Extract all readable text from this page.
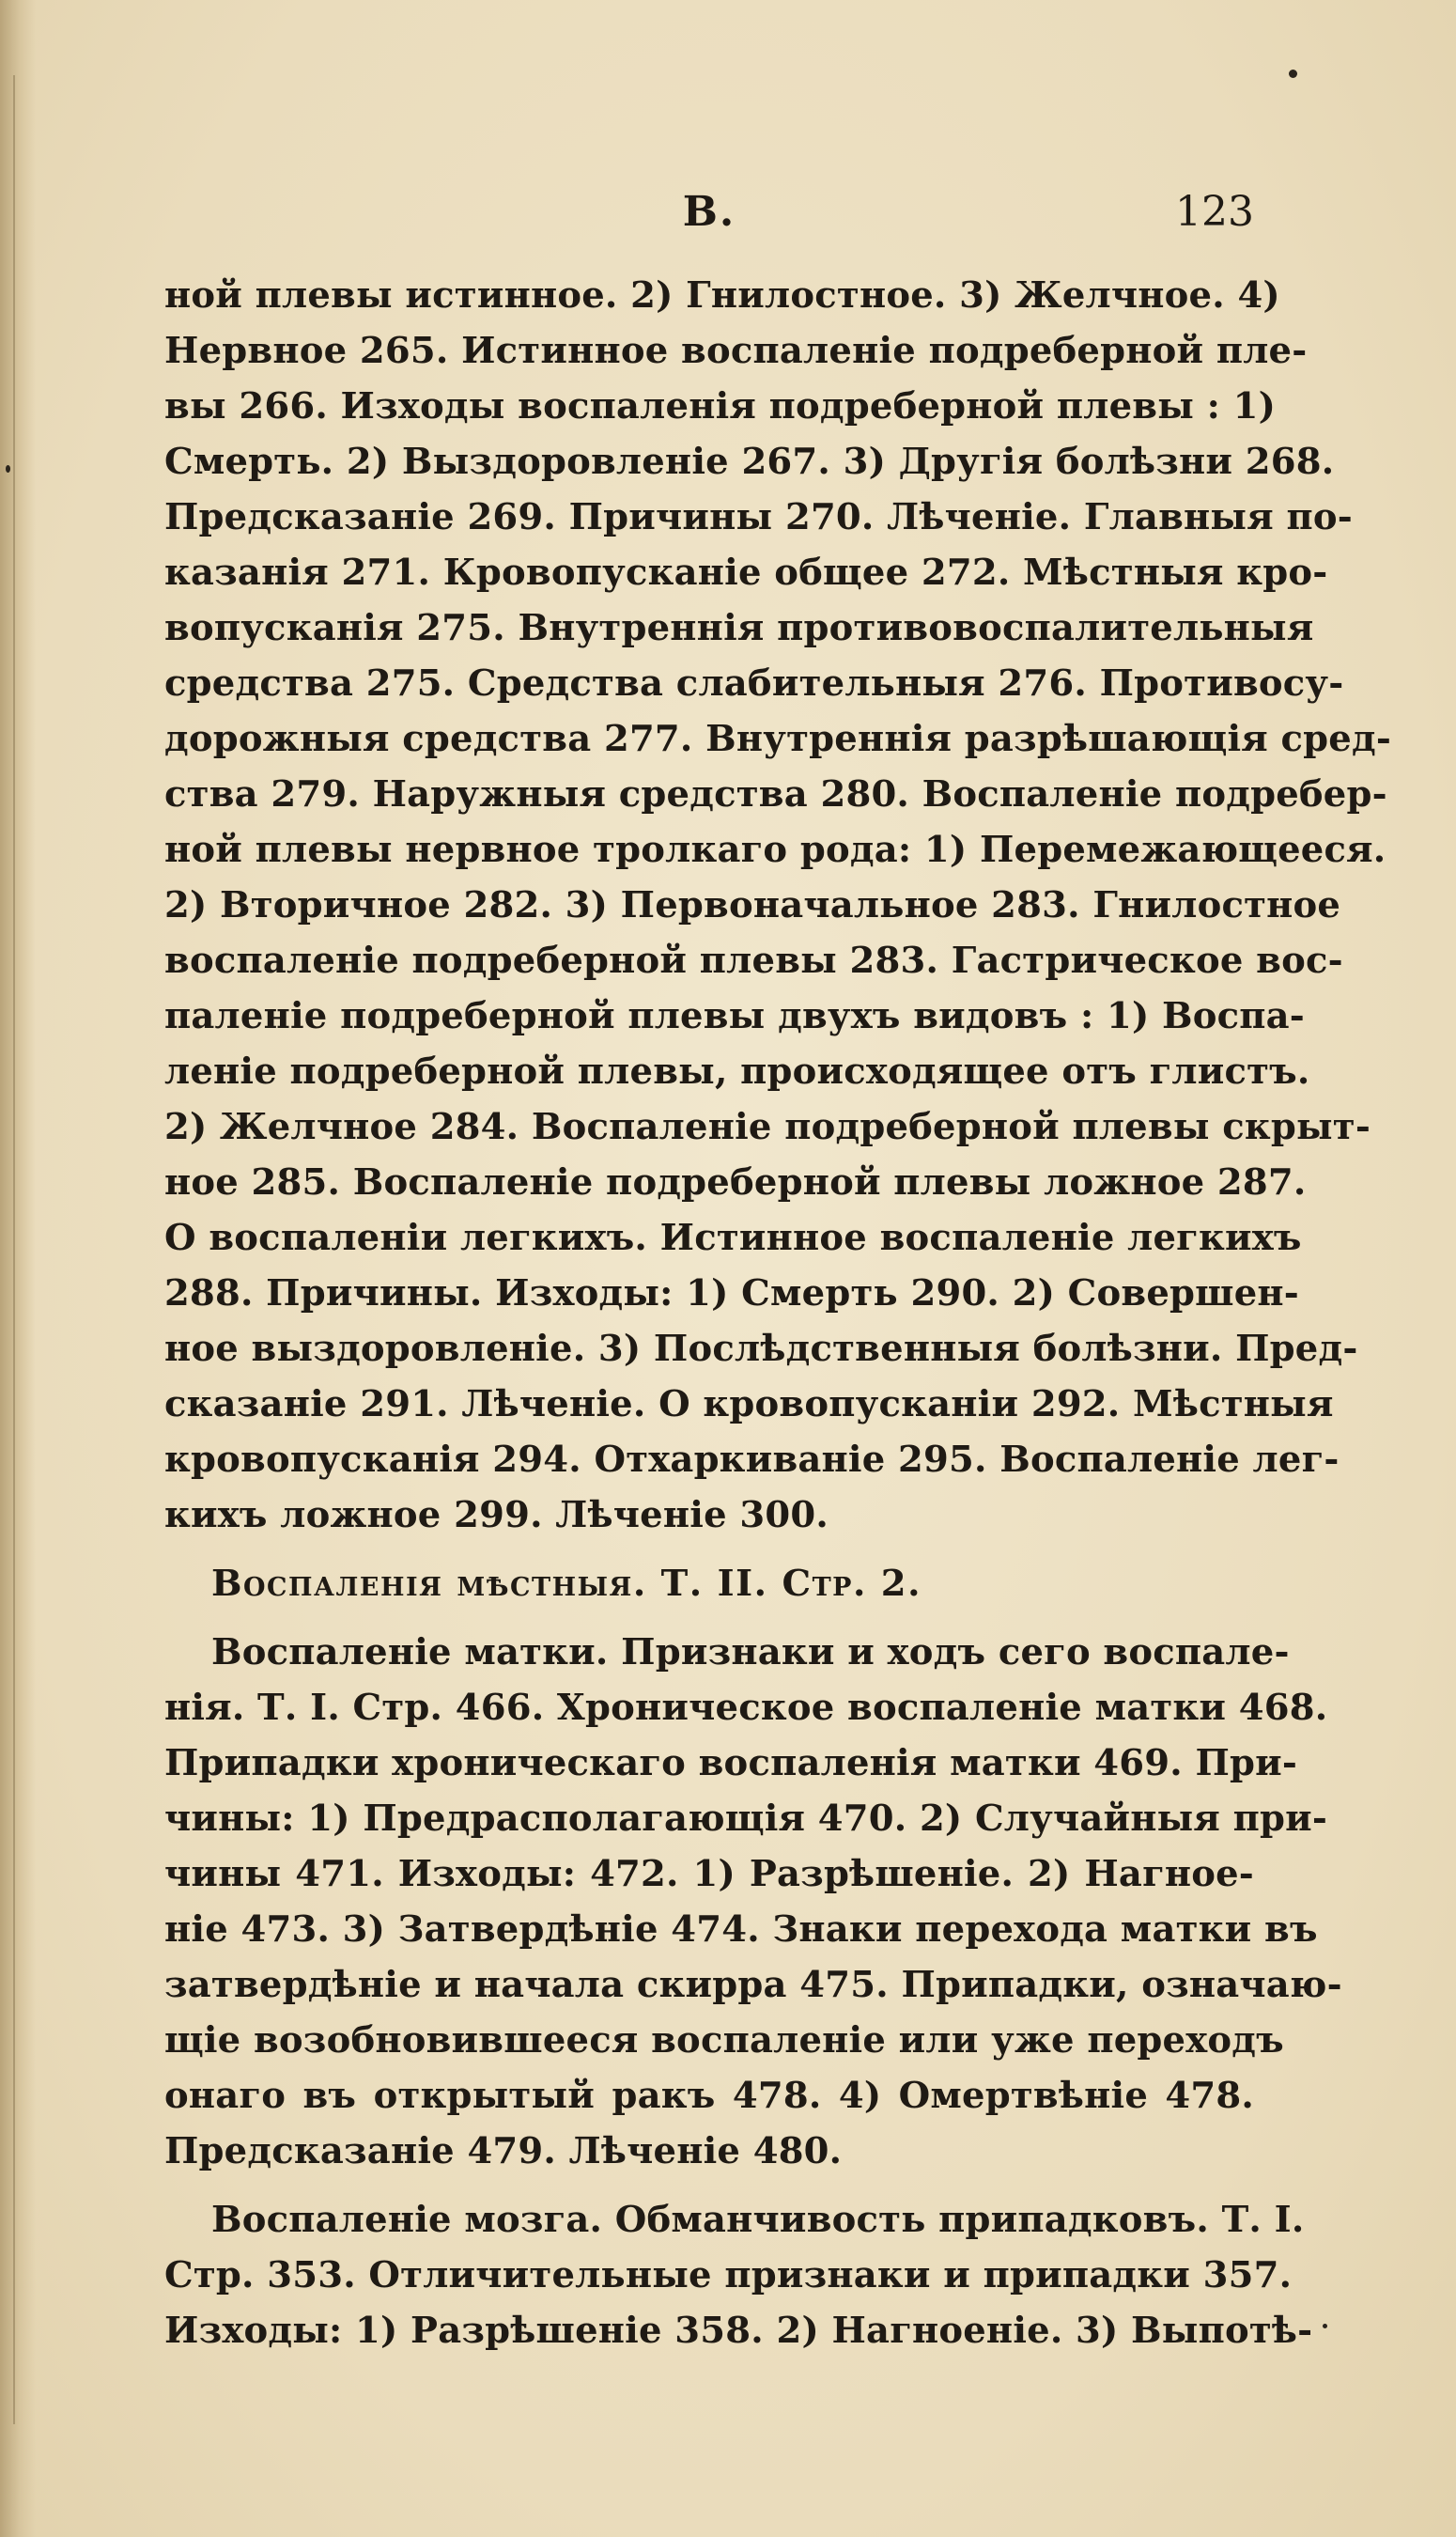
В.	123
ной плевы истинное. 2) Гнилостное. 3) Желчное. 4)
Нервное 265. Истинное воспаленіе подреберной пле-
вы 266. Изходы воспаленія подреберной плевы : 1)
Смерть. 2) Выздоровленіе 267. 3) Другія болѣзни 268.
Предсказаніе 269. Причины 270. Лѣченіе. Главныя по-
казанія 271. Кровопусканіе общее 272. Мѣстныя кро-
вопусканія 275. Внутреннія противовоспалительныя
средства 275. Средства слабительныя 276. Противосу-
дорожныя средства 277. Внутреннія разрѣшающія сред-
ства 279. Наружныя средства 280. Воспаленіе подребер-
ной плевы нервное тролкаго рода: 1) Перемежающееся.
2) Вторичное 282. 3) Первоначальное 283. Гнилостное
воспаленіе подреберной плевы 283. Гастрическое вос-
паленіе подреберной плевы двухъ видовъ : 1) Воспа-
леніе подреберной плевы, происходящее отъ глистъ.
2) Желчное 284. Воспаленіе подреберной плевы скрыт-
ное 285. Воспаленіе подреберной плевы ложное 287.
О воспаленіи легкихъ. Истинное воспаленіе легкихъ
288. Причины. Изходы: 1) Смерть 290. 2) Совершен-
ное выздоровленіе. 3) Послѣдственныя болѣзни. Пред-
сказаніе 291. Лѣченіе. О кровопусканіи 292. Мѣстныя
кровопусканія 294. Отхаркиваніе 295. Воспаленіе лег-
кихъ ложное 299. Лѣченіе 300.
Воспаленія мѣстныя. Т. II. Стр. 2.
Воспаленіе матки. Признаки и ходъ сего воспале-
нія. Т. І. Стр. 466. Хроническое воспаленіе матки 468.
Припадки хроническаго воспаленія матки 469. При-
чины: 1) Предрасполагающія 470. 2) Случайныя при-
чины 471. Изходы: 472. 1) Разрѣшеніе. 2) Нагное-
ніе 473. 3) Затвердѣніе 474. Знаки перехода матки въ
затвердѣніе и начала скирра 475. Припадки, означаю-
щіе возобновившееся воспаленіе или уже переходъ
онаго въ открытый ракъ 478. 4) Омертвѣніе 478.
Предсказаніе 479. Лѣченіе 480.
Воспаленіе мозга. Обманчивость припадковъ. Т. І.
Стр. 353. Отличительные признаки и припадки 357.
Изходы: 1) Разрѣшеніе 358. 2) Нагноеніе. 3) Выпотѣ-
